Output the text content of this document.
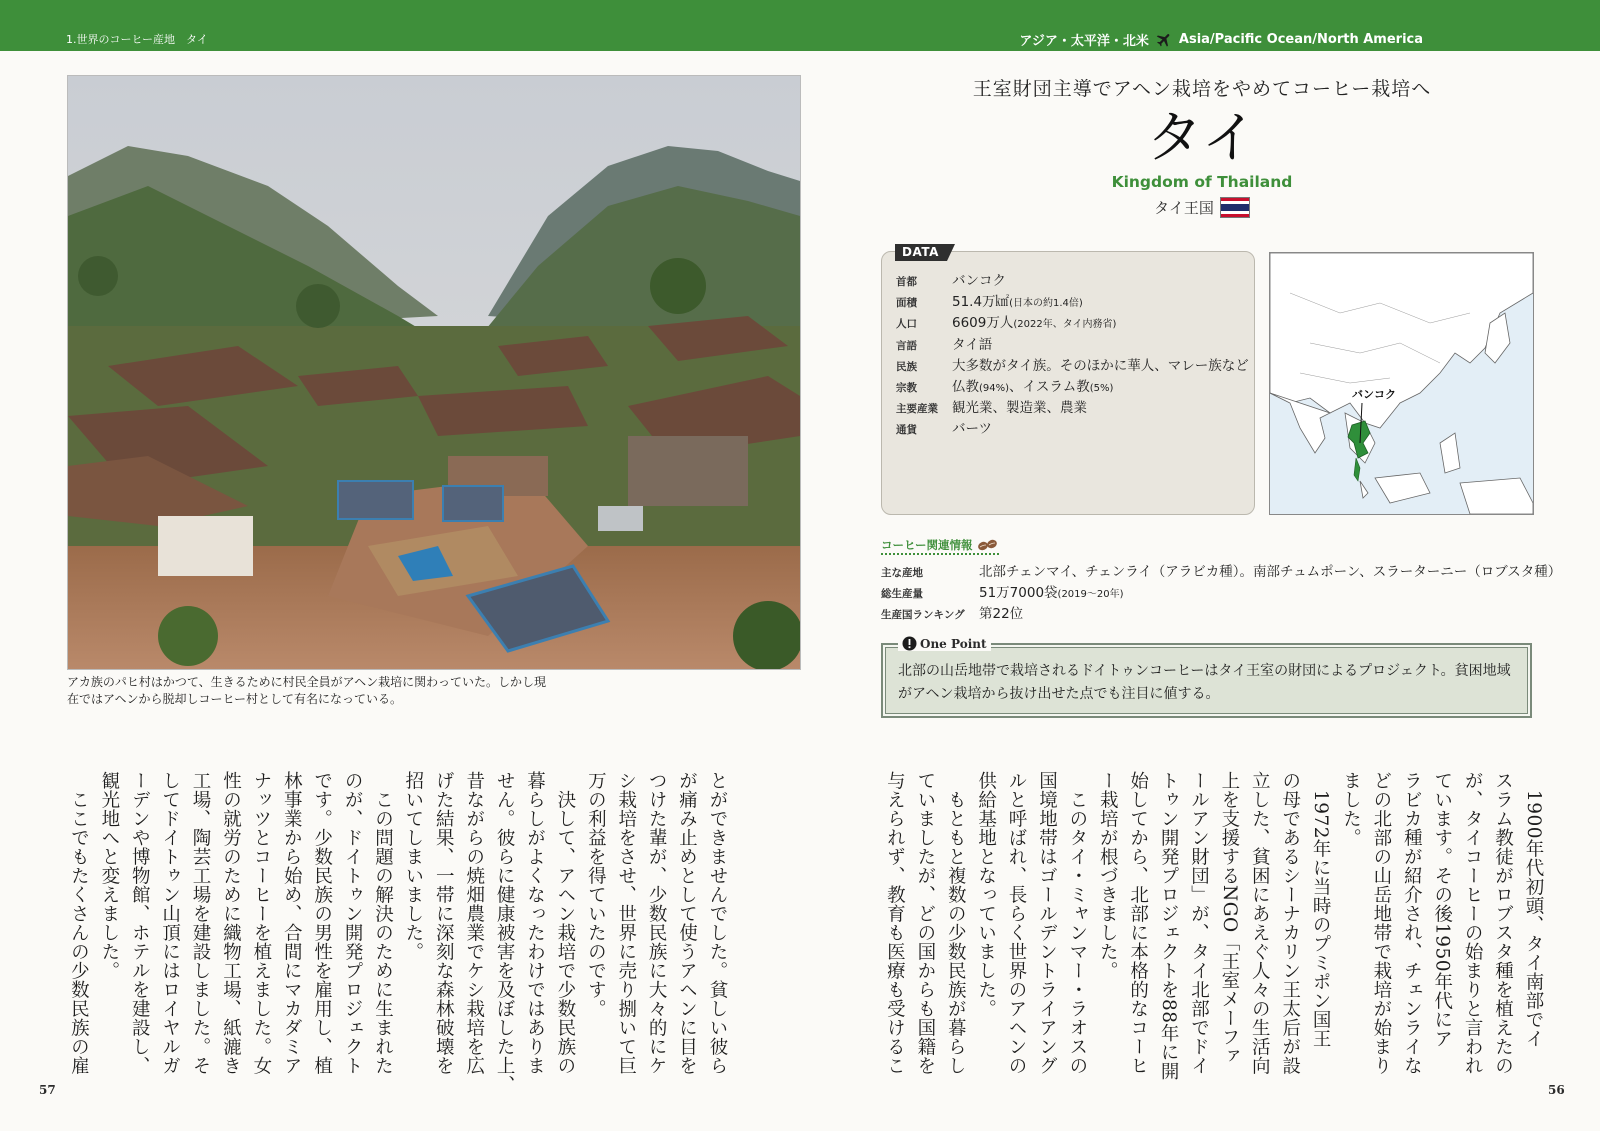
1.世界のコーヒー産地　タイ	アジア・太平洋・北米 Asia/Pacific Ocean/North America
アカ族のパヒ村はかつて、生きるために村民全員がアヘン栽培に関わっていた。しかし現在ではアヘンから脱却しコーヒー村として有名になっている。
とができませんでした。貧しい彼ら
が痛み止めとして使うアヘンに目を
つけた輩が、少数民族に大々的にケ
シ栽培をさせ、世界に売り捌いて巨
万の利益を得ていたのです。
　決して、アヘン栽培で少数民族の
暮らしがよくなったわけではありま
せん。彼らに健康被害を及ぼした上、
昔ながらの焼畑農業でケシ栽培を広
げた結果、一帯に深刻な森林破壊を
招いてしまいました。
　この問題の解決のために生まれた
のが、ドイトゥン開発プロジェクト
です。少数民族の男性を雇用し、植
林事業から始め、合間にマカダミア
ナッツとコーヒーを植えました。女
性の就労のために織物工場、紙漉き
工場、陶芸工場を建設しました。そ
してドイトゥン山頂にはロイヤルガ
ーデンや博物館、ホテルを建設し、
観光地へと変えました。
　ここでもたくさんの少数民族の雇
57
王室財団主導でアヘン栽培をやめてコーヒー栽培へ
タイ
Kingdom of Thailand
タイ王国
DATA
首都	バンコク
面積	51.4万㎢ (日本の約1.4倍)
人口	6609万人 (2022年、タイ内務省)
言語	タイ語
民族	大多数がタイ族。そのほかに華人、マレー族など
宗教	仏教 (94%) 、イスラム教 (5%)
主要産業	観光業、製造業、農業
通貨	バーツ
バンコク
コーヒー関連情報
主な産地	北部チェンマイ、チェンライ（アラビカ種）。南部チュムポーン、スラーターニー（ロブスタ種）
総生産量	51万7000袋 (2019〜20年)
生産国ランキング	第22位
One Point
北部の山岳地帯で栽培されるドイトゥンコーヒーはタイ王室の財団によるプロジェクト。貧困地域がアヘン栽培から抜け出せた点でも注目に値する。
　1900年代初頭、タイ南部でイ
スラム教徒がロブスタ種を植えたの
が、タイコーヒーの始まりと言われ
ています。その後1950年代にア
ラビカ種が紹介され、チェンライな
どの北部の山岳地帯で栽培が始まり
ました。
　1972年に当時のプミポン国王
の母であるシーナカリン王太后が設
立した、貧困にあえぐ人々の生活向
上を支援するNGO「王室メーファ
ールアン財団」が、タイ北部でドイ
トゥン開発プロジェクトを88年に開
始してから、北部に本格的なコーヒ
ー栽培が根づきました。
　このタイ・ミャンマー・ラオスの
国境地帯はゴールデントライアング
ルと呼ばれ、長らく世界のアヘンの
供給基地となっていました。
　もともと複数の少数民族が暮らし
ていましたが、どの国からも国籍を
与えられず、教育も医療も受けるこ
56
